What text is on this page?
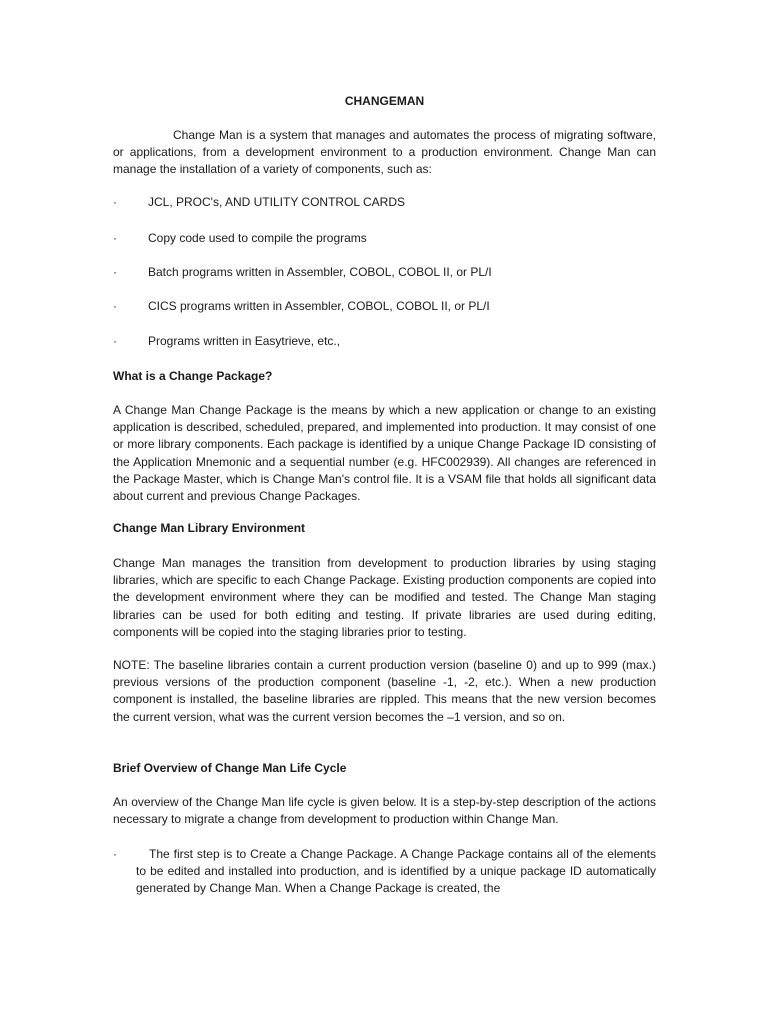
CHANGEMAN

Change Man is a system that manages and automates the process of migrating software, or applications, from a development environment to a production environment. Change Man can manage the installation of a variety of components, such as:

·	JCL, PROC's, AND UTILITY CONTROL CARDS
·	Copy code used to compile the programs
·	Batch programs written in Assembler, COBOL, COBOL II, or PL/I
·	CICS programs written in Assembler, COBOL, COBOL II, or PL/I
·	Programs written in Easytrieve, etc.,
What is a Change Package?

A Change Man Change Package is the means by which a new application or change to an existing application is described, scheduled, prepared, and implemented into production. It may consist of one or more library components. Each package is identified by a unique Change Package ID consisting of the Application Mnemonic and a sequential number (e.g. HFC002939). All changes are referenced in the Package Master, which is Change Man's control file. It is a VSAM file that holds all significant data about current and previous Change Packages.

Change Man Library Environment

Change Man manages the transition from development to production libraries by using staging libraries, which are specific to each Change Package. Existing production components are copied into the development environment where they can be modified and tested. The Change Man staging libraries can be used for both editing and testing. If private libraries are used during editing, components will be copied into the staging libraries prior to testing.

NOTE: The baseline libraries contain a current production version (baseline 0) and up to 999 (max.) previous versions of the production component (baseline -1, -2, etc.). When a new production component is installed, the baseline libraries are rippled. This means that the new version becomes the current version, what was the current version becomes the –1 version, and so on.

Brief Overview of Change Man Life Cycle

An overview of the Change Man life cycle is given below. It is a step-by-step description of the actions necessary to migrate a change from development to production within Change Man.

·	The first step is to Create a Change Package. A Change Package contains all of the elements to be edited and installed into production, and is identified by a unique package ID automatically generated by Change Man. When a Change Package is created, the
